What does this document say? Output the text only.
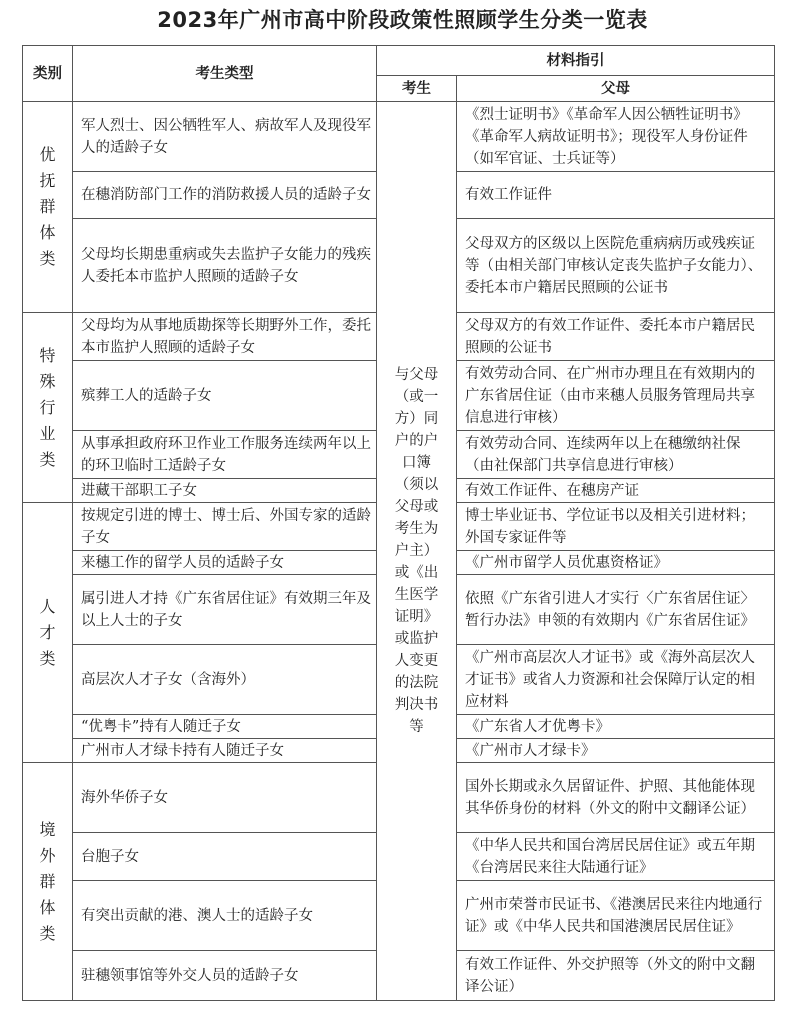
2023年广州市高中阶段政策性照顾学生分类一览表
类别	考生类型	材料指引	
		考生	父母
优抚群体类	军人烈士、因公牺牲军人、病故军人及现役军人的适龄子女	与父母（或一方）同户的户口簿（须以父母或考生为户主）或《出生医学证明》或监护人变更的法院判决书等	《烈士证明书》《革命军人因公牺牲证明书》《革命军人病故证明书》；现役军人身份证件（如军官证、士兵证等）
	在穗消防部门工作的消防救援人员的适龄子女		有效工作证件
	父母均长期患重病或失去监护子女能力的残疾人委托本市监护人照顾的适龄子女		父母双方的区级以上医院危重病病历或残疾证等（由相关部门审核认定丧失监护子女能力）、委托本市户籍居民照顾的公证书
特殊行业类	父母均为从事地质勘探等长期野外工作，委托本市监护人照顾的适龄子女		父母双方的有效工作证件、委托本市户籍居民照顾的公证书
	殡葬工人的适龄子女		有效劳动合同、在广州市办理且在有效期内的广东省居住证（由市来穗人员服务管理局共享信息进行审核）
	从事承担政府环卫作业工作服务连续两年以上的环卫临时工适龄子女		有效劳动合同、连续两年以上在穗缴纳社保（由社保部门共享信息进行审核）
	进藏干部职工子女		有效工作证件、在穗房产证
人才类	按规定引进的博士、博士后、外国专家的适龄子女		博士毕业证书、学位证书以及相关引进材料；外国专家证件等
	来穗工作的留学人员的适龄子女		《广州市留学人员优惠资格证》
	属引进人才持《广东省居住证》有效期三年及以上人士的子女		依照《广东省引进人才实行〈广东省居住证〉暂行办法》申领的有效期内《广东省居住证》
	高层次人才子女（含海外）		《广州市高层次人才证书》或《海外高层次人才证书》或省人力资源和社会保障厅认定的相应材料
	“优粤卡”持有人随迁子女		《广东省人才优粤卡》
	广州市人才绿卡持有人随迁子女		《广州市人才绿卡》
境外群体类	海外华侨子女		国外长期或永久居留证件、护照、其他能体现其华侨身份的材料（外文的附中文翻译公证）
	台胞子女		《中华人民共和国台湾居民居住证》或五年期《台湾居民来往大陆通行证》
	有突出贡献的港、澳人士的适龄子女		广州市荣誉市民证书、《港澳居民来往内地通行证》或《中华人民共和国港澳居民居住证》
	驻穗领事馆等外交人员的适龄子女		有效工作证件、外交护照等（外文的附中文翻译公证）
